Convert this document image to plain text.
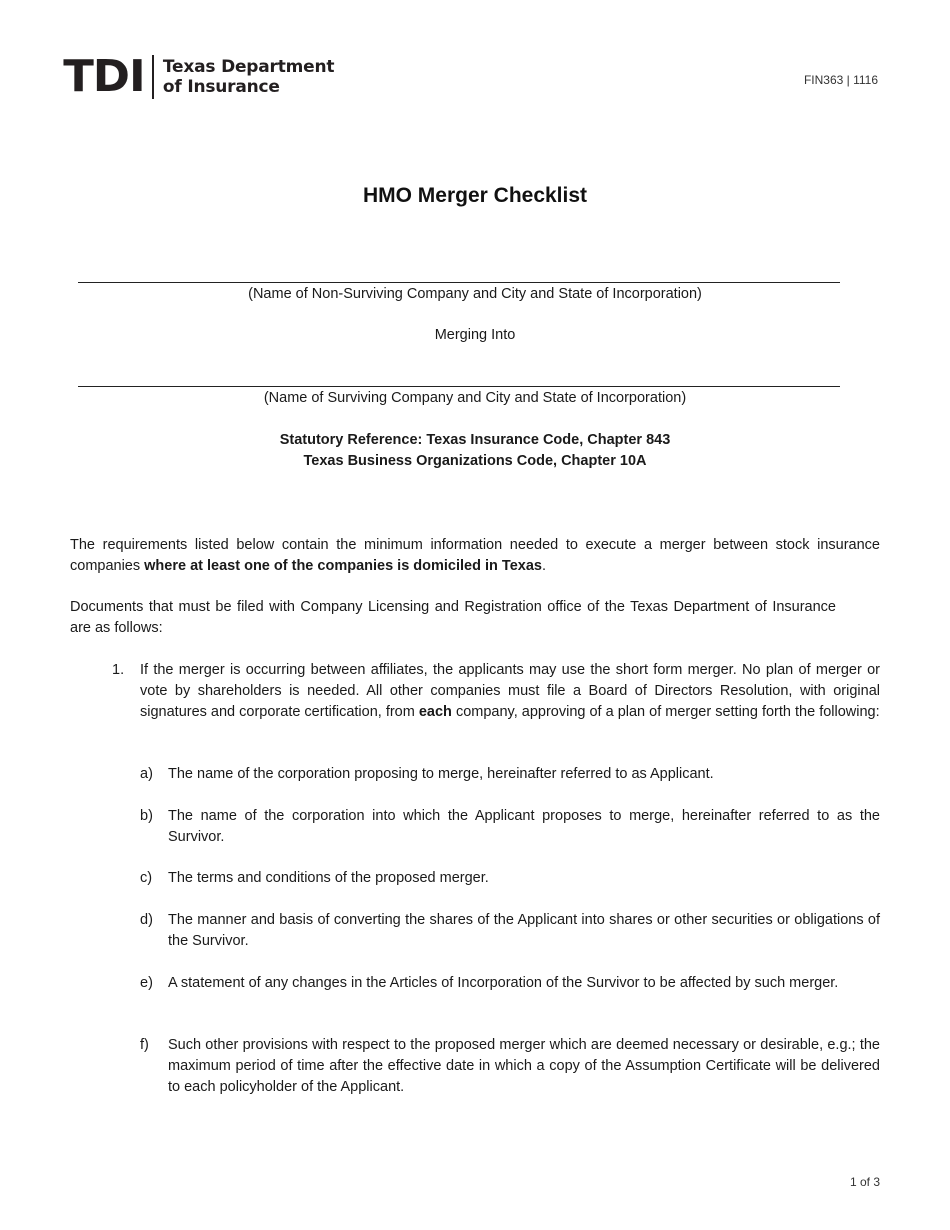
TDI Texas Department
of Insurance	FIN363 | 1116
HMO Merger Checklist
(Name of Non-Surviving Company and City and State of Incorporation)
Merging Into
(Name of Surviving Company and City and State of Incorporation)
Statutory Reference: Texas Insurance Code, Chapter 843
Texas Business Organizations Code, Chapter 10A
The requirements listed below contain the minimum information needed to execute a merger between stock insurance companies where at least one of the companies is domiciled in Texas.
Documents that must be filed with Company Licensing and Registration office of the Texas Department of Insurance are as follows:
1. If the merger is occurring between affiliates, the applicants may use the short form merger. No plan of merger or vote by shareholders is needed. All other companies must file a Board of Directors Resolution, with original signatures and corporate certification, from each company, approving of a plan of merger setting forth the following:
a) The name of the corporation proposing to merge, hereinafter referred to as Applicant.
b) The name of the corporation into which the Applicant proposes to merge, hereinafter referred to as the Survivor.
c) The terms and conditions of the proposed merger.
d) The manner and basis of converting the shares of the Applicant into shares or other securities or obligations of the Survivor.
e) A statement of any changes in the Articles of Incorporation of the Survivor to be affected by such merger.
f) Such other provisions with respect to the proposed merger which are deemed necessary or desirable, e.g.; the maximum period of time after the effective date in which a copy of the Assumption Certificate will be delivered to each policyholder of the Applicant.
1 of 3
